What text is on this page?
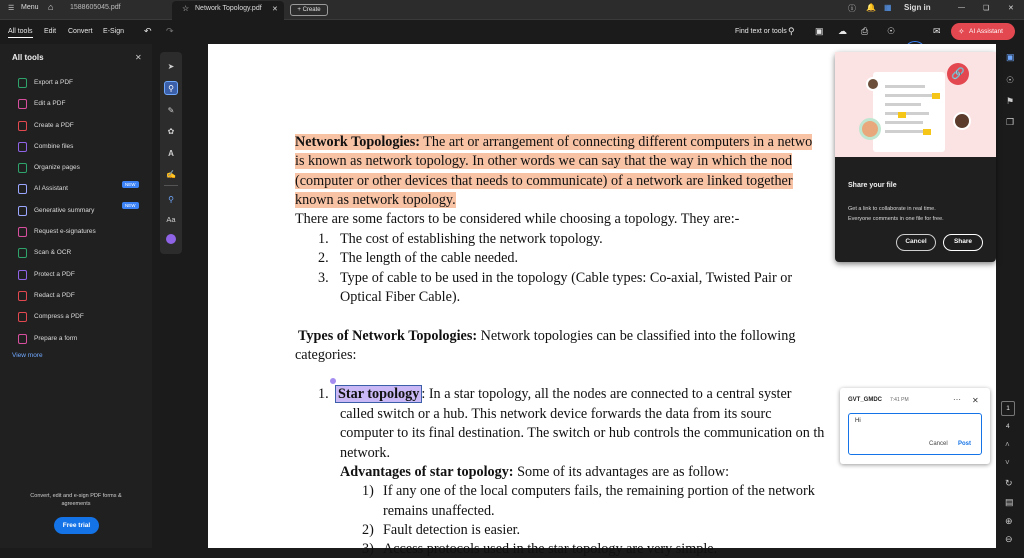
☰ Menu ⌂ 1588605045.pdf	☆ Network Topology.pdf ✕	+ Create	ⓘ 🔔 ▦ Sign in	—	❏	✕
All tools Edit Convert E-Sign ↶ ↷	Find text or tools ⚲ ▣ ☁ ⎙ ☉	✉ ✧ AI Assistant
All tools	✕
Export a PDF
Edit a PDF
Create a PDF
Combine files
Organize pages
AI Assistant
NEW
Generative summary
NEW
Request e-signatures
Scan & OCR
Protect a PDF
Redact a PDF
Compress a PDF
Prepare a form
View more
Convert, edit and e-sign PDF forms &
agreements
Free trial
➤
⚲
✎
✿
A
✍
⚲
Aa
Network Topologies: The art or arrangement of connecting different computers in a netwo
is known as network topology. In other words we can say that the way in which the nod
(computer or other devices that needs to communicate) of a network are linked together
known as network topology.
There are some factors to be considered while choosing a topology. They are:-
1. The cost of establishing the network topology.
2. The length of the cable needed.
3. Type of cable to be used in the topology (Cable types: Co-axial, Twisted Pair or
Optical Fiber Cable).
Types of Network Topologies: Network topologies can be classified into the following
categories:
1. Star topology : In a star topology, all the nodes are connected to a central syster
called switch or a hub. This network device forwards the data from its sourc
computer to its final destination. The switch or hub controls the communication on th
network.
Advantages of star topology: Some of its advantages are as follow:
1) If any one of the local computers fails, the remaining portion of the network
remains unaffected.
2) Fault detection is easier.
3) Access protocols used in the star topology are very simple.
▣
☉
⚑
❐
1
4
˄
˅
↻
▤
⊕
⊖
🔗
Share your file
Get a link to collaborate in real time.
Everyone comments in one file for free.
Cancel	Share
GVT_GMDC 7:41 PM	⋯ ✕
Hi
Cancel Post
